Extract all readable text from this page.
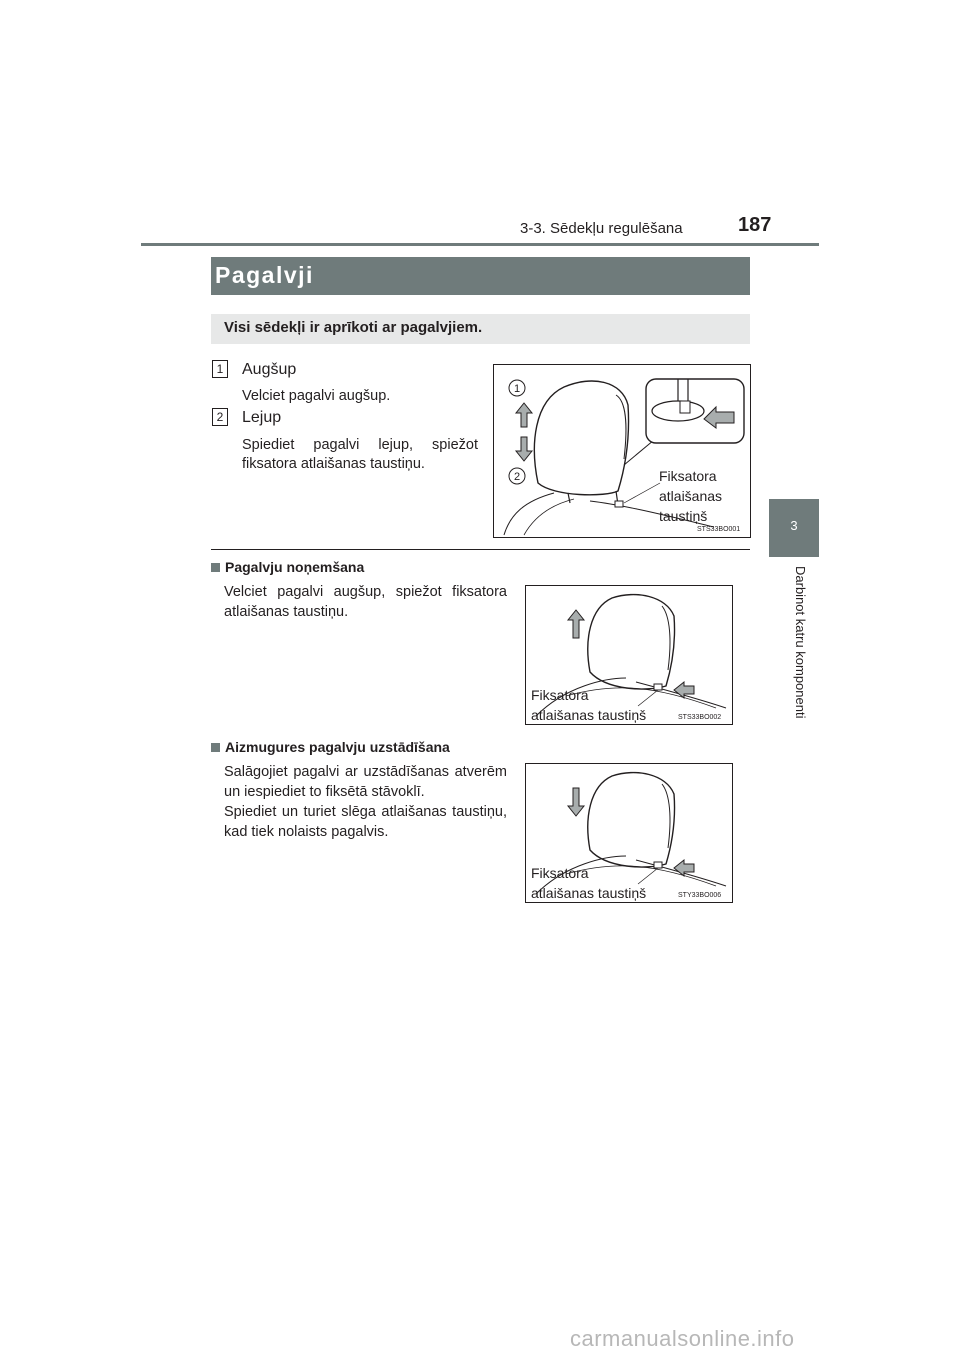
3-3. Sēdekļu regulēšana	187
3
Darbinot katru komponenti
Pagalvji
Visi sēdekļi ir aprīkoti ar pagalvjiem.
1 Augšup
Velciet pagalvi augšup.
2 Lejup
Spiediet pagalvi lejup, spiežot fiksatora atlaišanas taustiņu.
1
2	Fiksatora
atlaišanas
taustiņš
STS33BO001
Pagalvju noņemšana
Velciet pagalvi augšup, spiežot fiksatora atlaišanas taustiņu.
Fiksatora
atlaišanas taustiņš	STS33BO002
Aizmugures pagalvju uzstādīšana
Salāgojiet pagalvi ar uzstādīšanas atverēm un iespiediet to fiksētā stāvoklī.
Spiediet un turiet slēga atlaišanas taustiņu, kad tiek nolaists pagalvis.
Fiksatora
atlaišanas taustiņš	STY33BO006
carmanualsonline.info
